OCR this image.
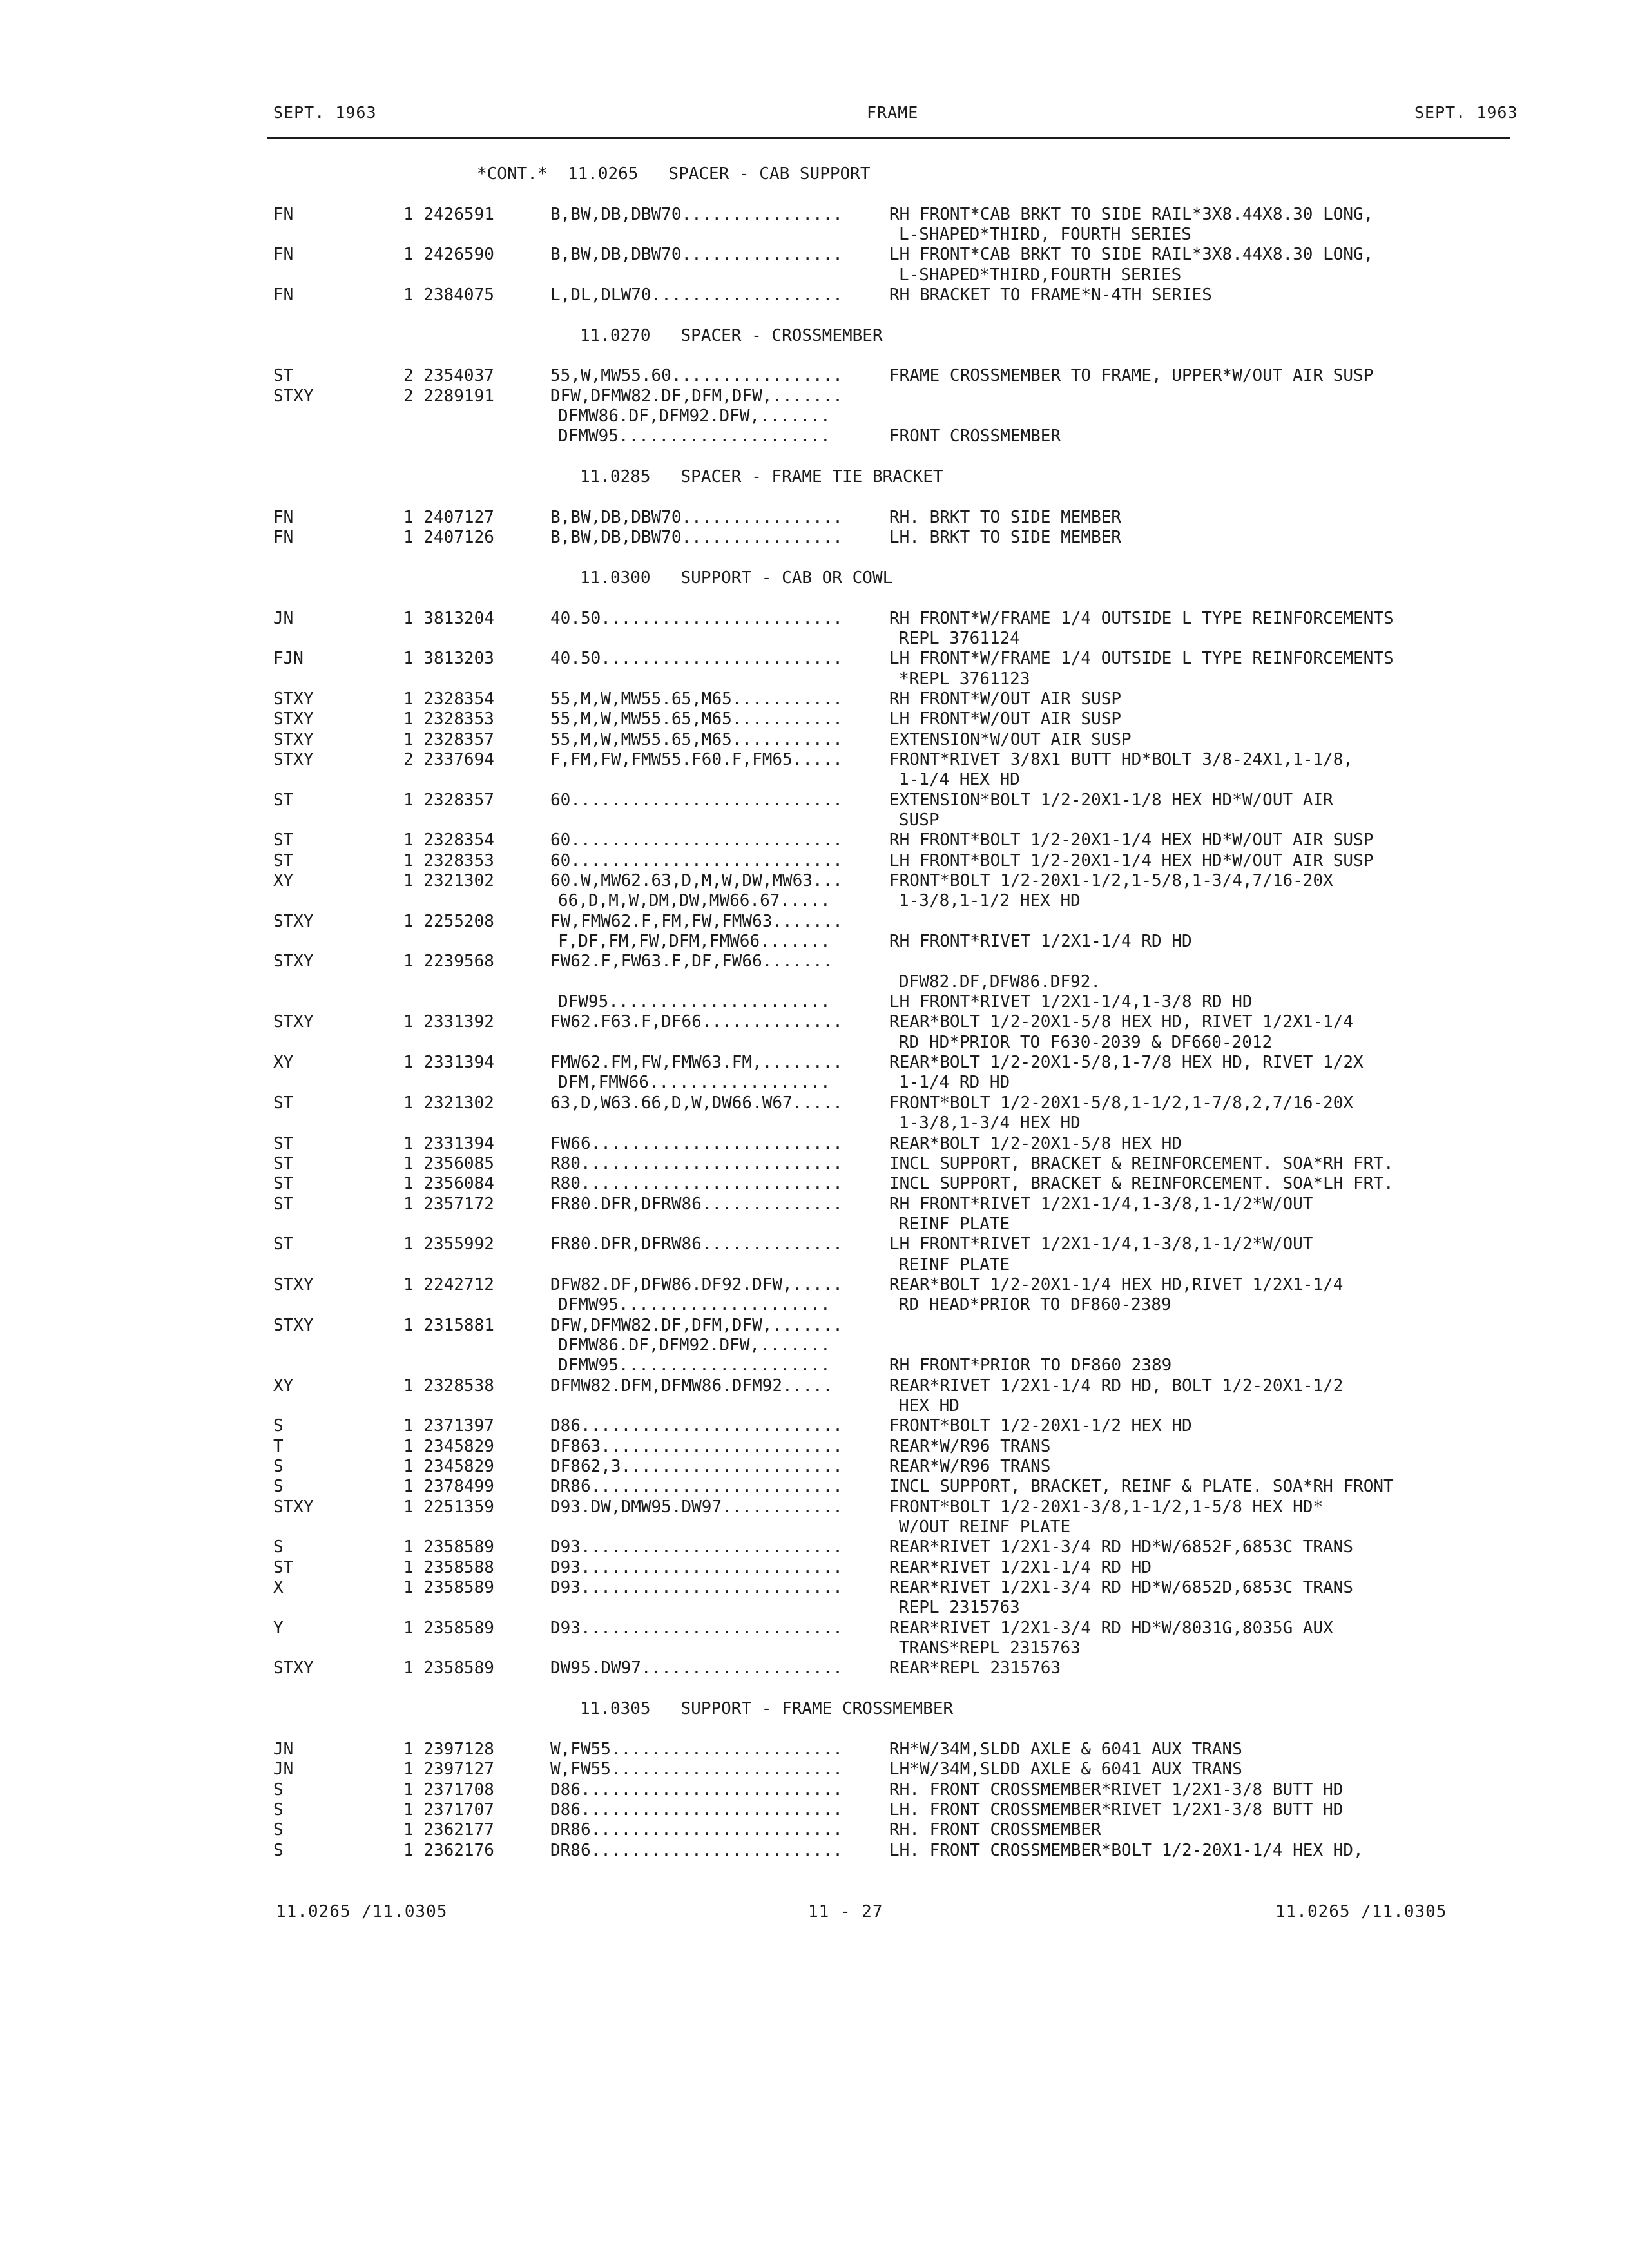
SEPT. 1963	FRAME	SEPT. 1963
*CONT.*  11.0265   SPACER - CAB SUPPORT
FN	1 2426591	B,BW,DB,DBW70................	RH FRONT*CAB BRKT TO SIDE RAIL*3X8.44X8.30 LONG,
L-SHAPED*THIRD, FOURTH SERIES
FN	1 2426590	B,BW,DB,DBW70................	LH FRONT*CAB BRKT TO SIDE RAIL*3X8.44X8.30 LONG,
L-SHAPED*THIRD,FOURTH SERIES
FN	1 2384075	L,DL,DLW70...................	RH BRACKET TO FRAME*N-4TH SERIES
11.0270   SPACER - CROSSMEMBER
ST	2 2354037	55,W,MW55.60.................	FRAME CROSSMEMBER TO FRAME, UPPER*W/OUT AIR SUSP
STXY	2 2289191	DFW,DFMW82.DF,DFM,DFW,.......
DFMW86.DF,DFM92.DFW,.......
DFMW95.....................	FRONT CROSSMEMBER
11.0285   SPACER - FRAME TIE BRACKET
FN	1 2407127	B,BW,DB,DBW70................	RH. BRKT TO SIDE MEMBER
FN	1 2407126	B,BW,DB,DBW70................	LH. BRKT TO SIDE MEMBER
11.0300   SUPPORT - CAB OR COWL
JN	1 3813204	40.50........................	RH FRONT*W/FRAME 1/4 OUTSIDE L TYPE REINFORCEMENTS
REPL 3761124
FJN	1 3813203	40.50........................	LH FRONT*W/FRAME 1/4 OUTSIDE L TYPE REINFORCEMENTS
*REPL 3761123
STXY	1 2328354	55,M,W,MW55.65,M65...........	RH FRONT*W/OUT AIR SUSP
STXY	1 2328353	55,M,W,MW55.65,M65...........	LH FRONT*W/OUT AIR SUSP
STXY	1 2328357	55,M,W,MW55.65,M65...........	EXTENSION*W/OUT AIR SUSP
STXY	2 2337694	F,FM,FW,FMW55.F60.F,FM65.....	FRONT*RIVET 3/8X1 BUTT HD*BOLT 3/8-24X1,1-1/8,
1-1/4 HEX HD
ST	1 2328357	60...........................	EXTENSION*BOLT 1/2-20X1-1/8 HEX HD*W/OUT AIR
SUSP
ST	1 2328354	60...........................	RH FRONT*BOLT 1/2-20X1-1/4 HEX HD*W/OUT AIR SUSP
ST	1 2328353	60...........................	LH FRONT*BOLT 1/2-20X1-1/4 HEX HD*W/OUT AIR SUSP
XY	1 2321302	60.W,MW62.63,D,M,W,DW,MW63...	FRONT*BOLT 1/2-20X1-1/2,1-5/8,1-3/4,7/16-20X
66,D,M,W,DM,DW,MW66.67.....	1-3/8,1-1/2 HEX HD
STXY	1 2255208	FW,FMW62.F,FM,FW,FMW63.......
F,DF,FM,FW,DFM,FMW66.......	RH FRONT*RIVET 1/2X1-1/4 RD HD
STXY	1 2239568	FW62.F,FW63.F,DF,FW66.......
DFW82.DF,DFW86.DF92.
DFW95......................	LH FRONT*RIVET 1/2X1-1/4,1-3/8 RD HD
STXY	1 2331392	FW62.F63.F,DF66..............	REAR*BOLT 1/2-20X1-5/8 HEX HD, RIVET 1/2X1-1/4
RD HD*PRIOR TO F630-2039 & DF660-2012
XY	1 2331394	FMW62.FM,FW,FMW63.FM,........	REAR*BOLT 1/2-20X1-5/8,1-7/8 HEX HD, RIVET 1/2X
DFM,FMW66..................	1-1/4 RD HD
ST	1 2321302	63,D,W63.66,D,W,DW66.W67.....	FRONT*BOLT 1/2-20X1-5/8,1-1/2,1-7/8,2,7/16-20X
1-3/8,1-3/4 HEX HD
ST	1 2331394	FW66.........................	REAR*BOLT 1/2-20X1-5/8 HEX HD
ST	1 2356085	R80..........................	INCL SUPPORT, BRACKET & REINFORCEMENT. SOA*RH FRT.
ST	1 2356084	R80..........................	INCL SUPPORT, BRACKET & REINFORCEMENT. SOA*LH FRT.
ST	1 2357172	FR80.DFR,DFRW86..............	RH FRONT*RIVET 1/2X1-1/4,1-3/8,1-1/2*W/OUT
REINF PLATE
ST	1 2355992	FR80.DFR,DFRW86..............	LH FRONT*RIVET 1/2X1-1/4,1-3/8,1-1/2*W/OUT
REINF PLATE
STXY	1 2242712	DFW82.DF,DFW86.DF92.DFW,.....	REAR*BOLT 1/2-20X1-1/4 HEX HD,RIVET 1/2X1-1/4
DFMW95.....................	RD HEAD*PRIOR TO DF860-2389
STXY	1 2315881	DFW,DFMW82.DF,DFM,DFW,.......
DFMW86.DF,DFM92.DFW,.......
DFMW95.....................	RH FRONT*PRIOR TO DF860 2389
XY	1 2328538	DFMW82.DFM,DFMW86.DFM92.....	REAR*RIVET 1/2X1-1/4 RD HD, BOLT 1/2-20X1-1/2
HEX HD
S	1 2371397	D86..........................	FRONT*BOLT 1/2-20X1-1/2 HEX HD
T	1 2345829	DF863........................	REAR*W/R96 TRANS
S	1 2345829	DF862,3......................	REAR*W/R96 TRANS
S	1 2378499	DR86.........................	INCL SUPPORT, BRACKET, REINF & PLATE. SOA*RH FRONT
STXY	1 2251359	D93.DW,DMW95.DW97............	FRONT*BOLT 1/2-20X1-3/8,1-1/2,1-5/8 HEX HD*
W/OUT REINF PLATE
S	1 2358589	D93..........................	REAR*RIVET 1/2X1-3/4 RD HD*W/6852F,6853C TRANS
ST	1 2358588	D93..........................	REAR*RIVET 1/2X1-1/4 RD HD
X	1 2358589	D93..........................	REAR*RIVET 1/2X1-3/4 RD HD*W/6852D,6853C TRANS
REPL 2315763
Y	1 2358589	D93..........................	REAR*RIVET 1/2X1-3/4 RD HD*W/8031G,8035G AUX
TRANS*REPL 2315763
STXY	1 2358589	DW95.DW97....................	REAR*REPL 2315763
11.0305   SUPPORT - FRAME CROSSMEMBER
JN	1 2397128	W,FW55.......................	RH*W/34M,SLDD AXLE & 6041 AUX TRANS
JN	1 2397127	W,FW55.......................	LH*W/34M,SLDD AXLE & 6041 AUX TRANS
S	1 2371708	D86..........................	RH. FRONT CROSSMEMBER*RIVET 1/2X1-3/8 BUTT HD
S	1 2371707	D86..........................	LH. FRONT CROSSMEMBER*RIVET 1/2X1-3/8 BUTT HD
S	1 2362177	DR86.........................	RH. FRONT CROSSMEMBER
S	1 2362176	DR86.........................	LH. FRONT CROSSMEMBER*BOLT 1/2-20X1-1/4 HEX HD,
11.0265 /11.0305	11 - 27	11.0265 /11.0305
